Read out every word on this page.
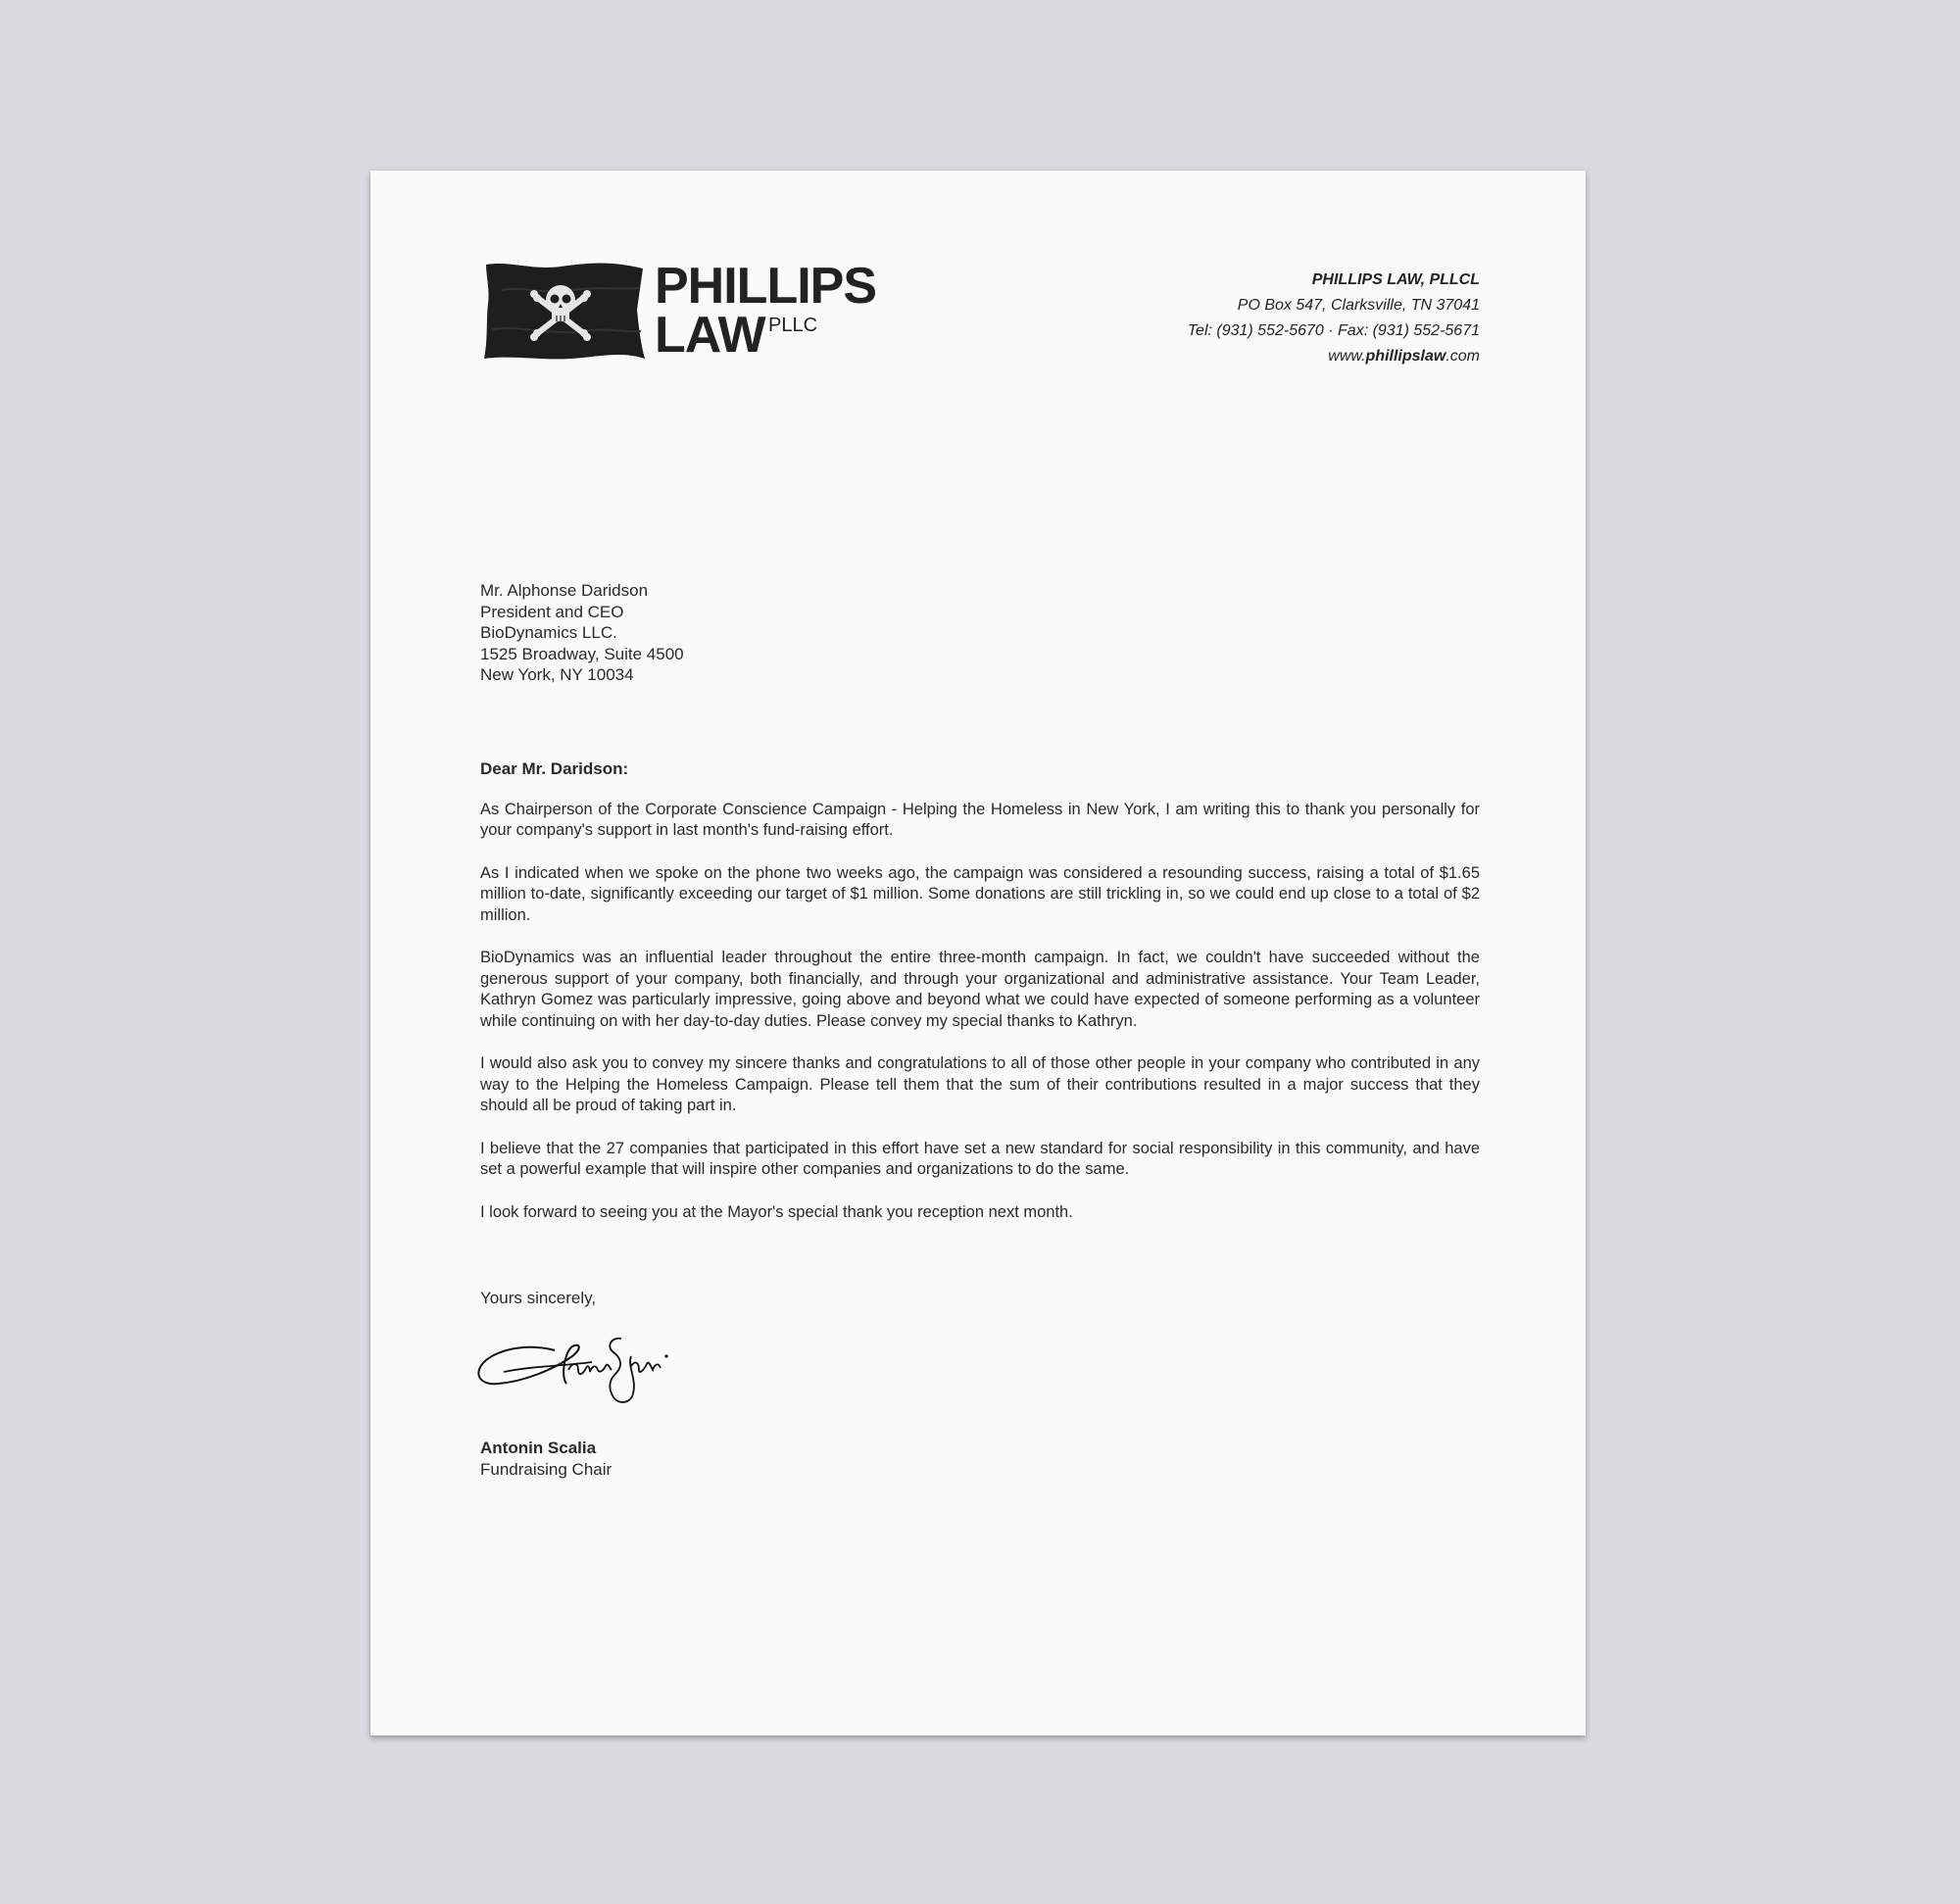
PHILLIPS
LAW PLLC
PHILLIPS LAW, PLLCL
PO Box 547, Clarksville, TN 37041
Tel: (931) 552-5670 · Fax: (931) 552-5671
www.phillipslaw.com
Mr. Alphonse Daridson
President and CEO
BioDynamics LLC.
1525 Broadway, Suite 4500
New York, NY 10034
Dear Mr. Daridson:

As Chairperson of the Corporate Conscience Campaign - Helping the Homeless in New York, I am writing this to thank you personally for your company's support in last month's fund-raising effort.

As I indicated when we spoke on the phone two weeks ago, the campaign was considered a resounding success, raising a total of $1.65 million to-date, significantly exceeding our target of $1 million. Some donations are still trickling in, so we could end up close to a total of $2 million.

BioDynamics was an influential leader throughout the entire three-month campaign. In fact, we couldn't have succeeded without the generous support of your company, both financially, and through your organizational and administrative assistance. Your Team Leader, Kathryn Gomez was particularly impressive, going above and beyond what we could have expected of someone performing as a volunteer while continuing on with her day-to-day duties. Please convey my special thanks to Kathryn.

I would also ask you to convey my sincere thanks and congratulations to all of those other people in your company who contributed in any way to the Helping the Homeless Campaign. Please tell them that the sum of their contributions resulted in a major success that they should all be proud of taking part in.

I believe that the 27 companies that participated in this effort have set a new standard for social responsibility in this community, and have set a powerful example that will inspire other companies and organizations to do the same.

I look forward to seeing you at the Mayor's special thank you reception next month.

Yours sincerely,
Antonin Scalia
Fundraising Chair
